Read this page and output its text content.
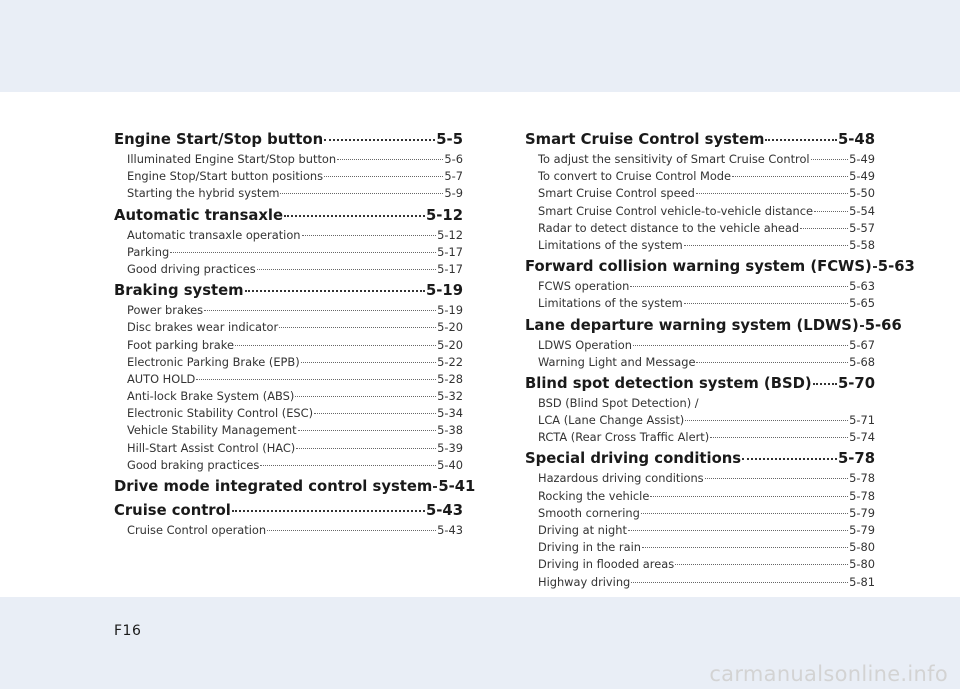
Engine Start/Stop button	5-5
Illuminated Engine Start/Stop button	5-6
Engine Stop/Start button positions	5-7
Starting the hybrid system	5-9
Automatic transaxle	5-12
Automatic transaxle operation	5-12
Parking	5-17
Good driving practices	5-17
Braking system	5-19
Power brakes	5-19
Disc brakes wear indicator	5-20
Foot parking brake	5-20
Electronic Parking Brake (EPB)	5-22
AUTO HOLD	5-28
Anti-lock Brake System (ABS)	5-32
Electronic Stability Control (ESC)	5-34
Vehicle Stability Management	5-38
Hill-Start Assist Control (HAC)	5-39
Good braking practices	5-40
Drive mode integrated control system 5-41
Cruise control	5-43
Cruise Control operation	5-43
Smart Cruise Control system	5-48
To adjust the sensitivity of Smart Cruise Control	5-49
To convert to Cruise Control Mode	5-49
Smart Cruise Control speed	5-50
Smart Cruise Control vehicle-to-vehicle distance	5-54
Radar to detect distance to the vehicle ahead	5-57
Limitations of the system	5-58
Forward collision warning system (FCWS) 5-63
FCWS operation	5-63
Limitations of the system	5-65
Lane departure warning system (LDWS) 5-66
LDWS Operation	5-67
Warning Light and Message	5-68
Blind spot detection system (BSD) 5-70
BSD (Blind Spot Detection) /
LCA (Lane Change Assist)	5-71
RCTA (Rear Cross Traffic Alert)	5-74
Special driving conditions	5-78
Hazardous driving conditions	5-78
Rocking the vehicle	5-78
Smooth cornering	5-79
Driving at night	5-79
Driving in the rain	5-80
Driving in flooded areas	5-80
Highway driving	5-81
F16
carmanualsonline.info
